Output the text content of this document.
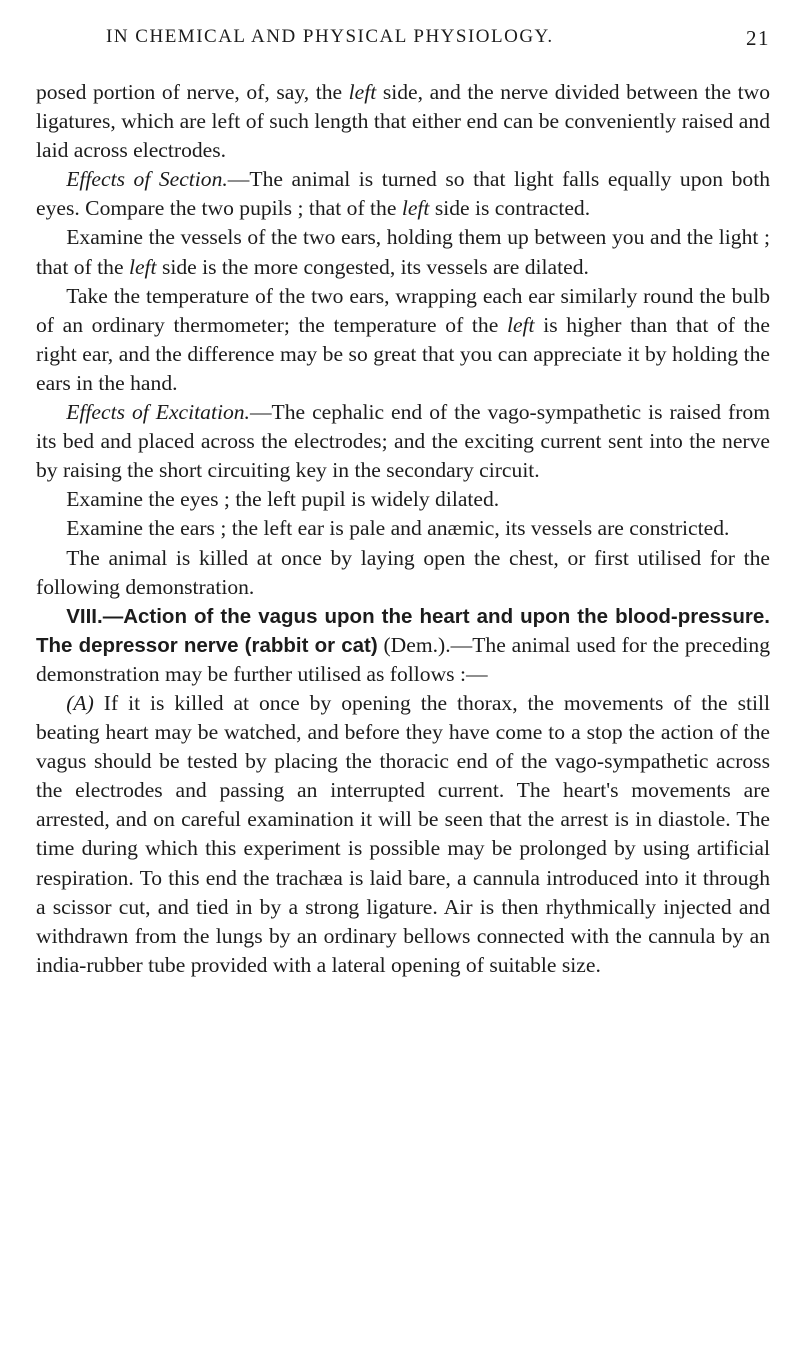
IN CHEMICAL AND PHYSICAL PHYSIOLOGY.	21

posed portion of nerve, of, say, the left side, and the nerve divided between the two ligatures, which are left of such length that either end can be conveniently raised and laid across electrodes.

Effects of Section.—The animal is turned so that light falls equally upon both eyes. Compare the two pupils ; that of the left side is contracted.

Examine the vessels of the two ears, holding them up between you and the light ; that of the left side is the more congested, its vessels are dilated.

Take the temperature of the two ears, wrapping each ear similarly round the bulb of an ordinary thermometer; the temperature of the left is higher than that of the right ear, and the difference may be so great that you can appreciate it by holding the ears in the hand.

Effects of Excitation.—The cephalic end of the vago-sympathetic is raised from its bed and placed across the electrodes; and the exciting current sent into the nerve by raising the short circuiting key in the secondary circuit.

Examine the eyes ; the left pupil is widely dilated.

Examine the ears ; the left ear is pale and anæmic, its vessels are constricted.

The animal is killed at once by laying open the chest, or first utilised for the following demonstration.

VIII.—Action of the vagus upon the heart and upon the blood-pressure. The depressor nerve (rabbit or cat) (Dem.).—The animal used for the preceding demonstration may be further utilised as follows :—

(A) If it is killed at once by opening the thorax, the movements of the still beating heart may be watched, and before they have come to a stop the action of the vagus should be tested by placing the thoracic end of the vago-sympathetic across the electrodes and passing an interrupted current. The heart's movements are arrested, and on careful examination it will be seen that the arrest is in diastole. The time during which this experiment is possible may be prolonged by using artificial respiration. To this end the trachæa is laid bare, a cannula introduced into it through a scissor cut, and tied in by a strong ligature. Air is then rhythmically injected and withdrawn from the lungs by an ordinary bellows connected with the cannula by an india-rubber tube provided with a lateral opening of suitable size.
